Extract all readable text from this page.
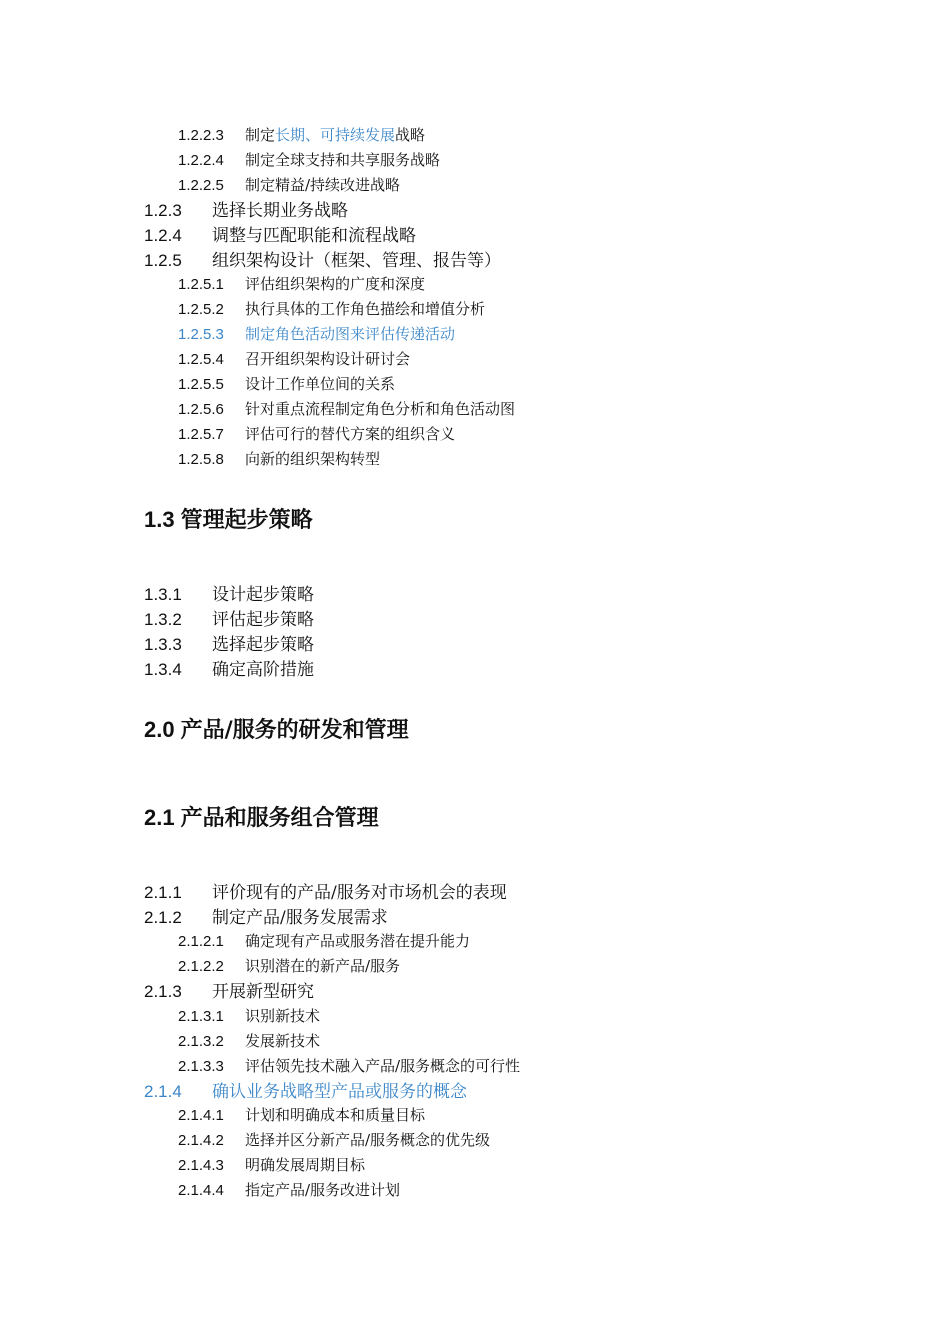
1.2.2.3 制定长期、可持续发展战略
1.2.2.4 制定全球支持和共享服务战略
1.2.2.5 制定精益/持续改进战略
1.2.3 选择长期业务战略
1.2.4 调整与匹配职能和流程战略
1.2.5 组织架构设计（框架、管理、报告等）
1.2.5.1 评估组织架构的广度和深度
1.2.5.2 执行具体的工作角色描绘和增值分析
1.2.5.3 制定角色活动图来评估传递活动
1.2.5.4 召开组织架构设计研讨会
1.2.5.5 设计工作单位间的关系
1.2.5.6 针对重点流程制定角色分析和角色活动图
1.2.5.7 评估可行的替代方案的组织含义
1.2.5.8 向新的组织架构转型
1.3 管理起步策略
1.3.1 设计起步策略
1.3.2 评估起步策略
1.3.3 选择起步策略
1.3.4 确定高阶措施
2.0 产品/服务的研发和管理
2.1 产品和服务组合管理
2.1.1 评价现有的产品/服务对市场机会的表现
2.1.2 制定产品/服务发展需求
2.1.2.1 确定现有产品或服务潜在提升能力
2.1.2.2 识别潜在的新产品/服务
2.1.3 开展新型研究
2.1.3.1 识别新技术
2.1.3.2 发展新技术
2.1.3.3 评估领先技术融入产品/服务概念的可行性
2.1.4 确认业务战略型产品或服务的概念
2.1.4.1 计划和明确成本和质量目标
2.1.4.2 选择并区分新产品/服务概念的优先级
2.1.4.3 明确发展周期目标
2.1.4.4 指定产品/服务改进计划
